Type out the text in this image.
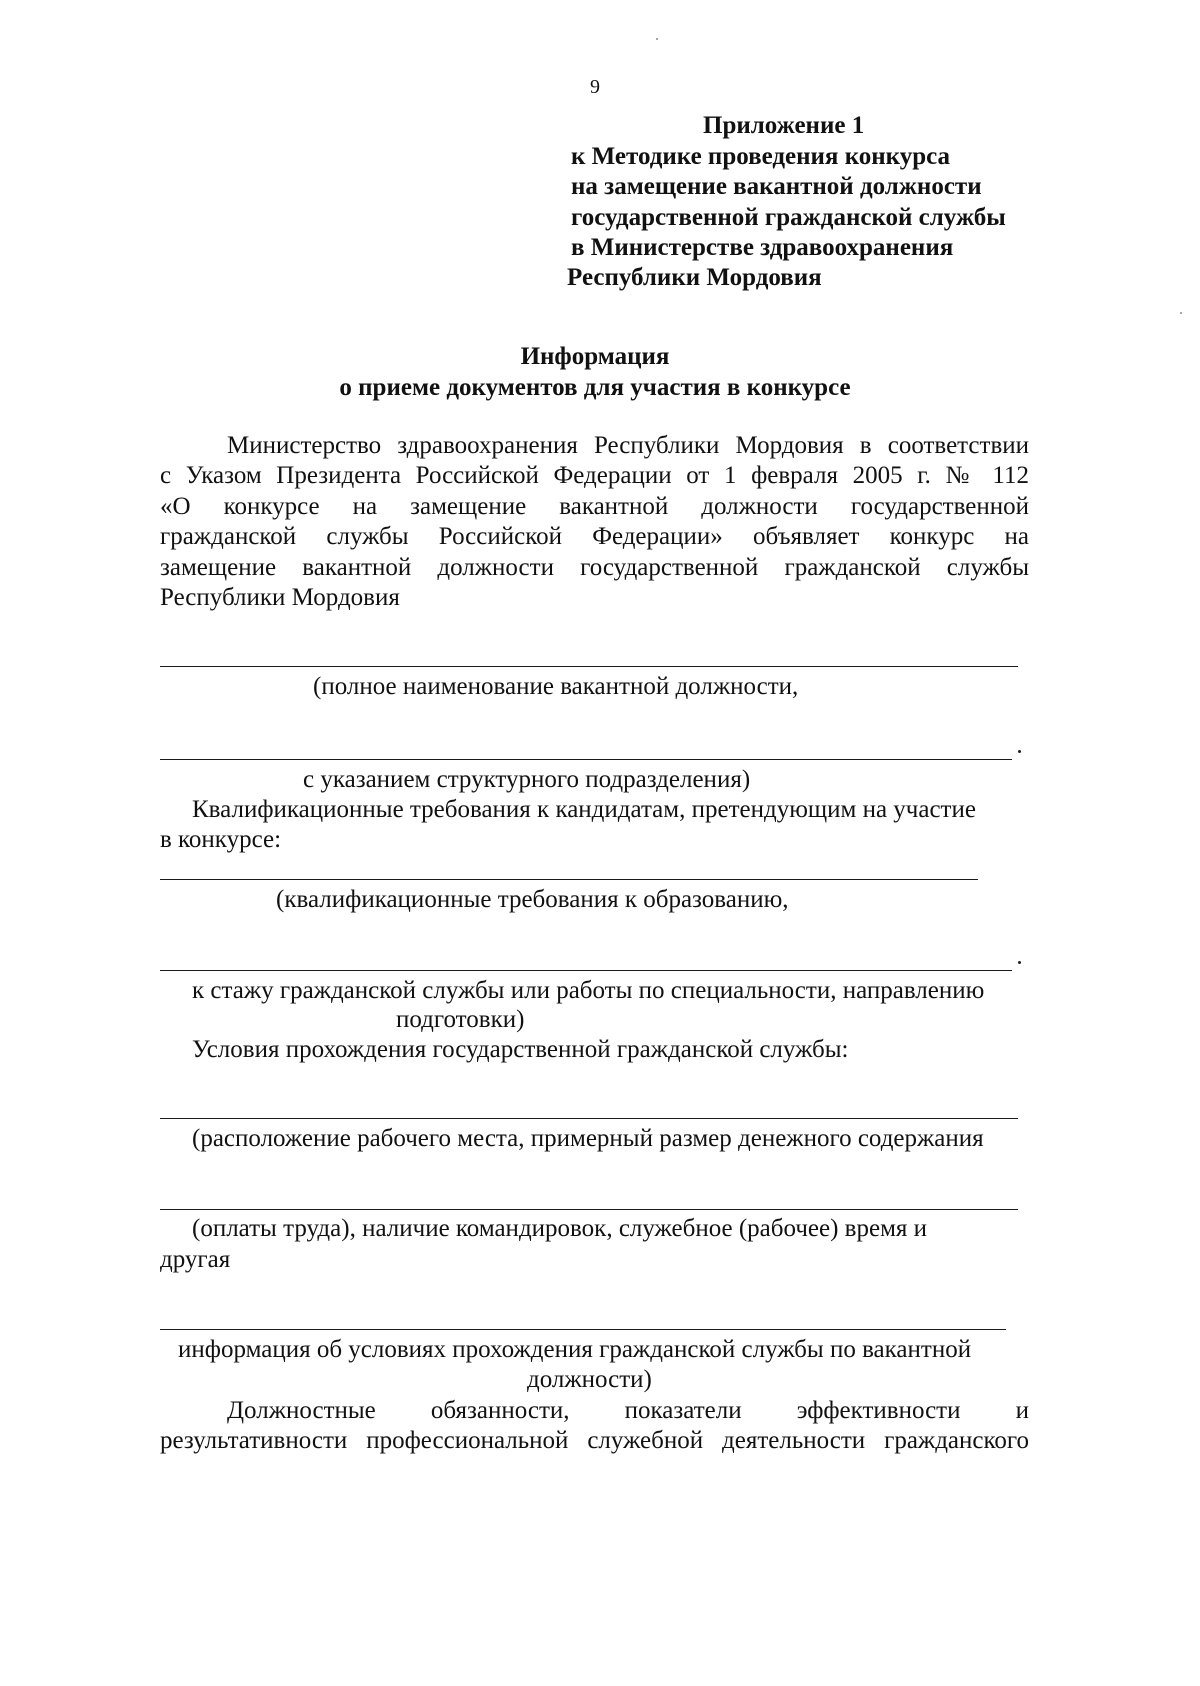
9

Приложение 1

к Методике проведения конкурса

на замещение вакантной должности

государственной гражданской службы

в Министерстве здравоохранения

Республики Мордовия

Информация

о приеме документов для участия в конкурсе

Министерство здравоохранения Республики Мордовия в соответствии

с Указом Президента Российской Федерации от 1 февраля 2005 г. № 112

«О конкурсе на замещение вакантной должности государственной

гражданской службы Российской Федерации» объявляет конкурс на

замещение вакантной должности государственной гражданской службы

Республики Мордовия

(полное наименование вакантной должности,

с указанием структурного подразделения)

Квалификационные требования к кандидатам, претендующим на участие

в конкурсе:

(квалификационные требования к образованию,

к стажу гражданской службы или работы по специальности, направлению

подготовки)

Условия прохождения государственной гражданской службы:

(расположение рабочего места, примерный размер денежного содержания

(оплаты труда), наличие командировок, служебное (рабочее) время и

другая

информация об условиях прохождения гражданской службы по вакантной

должности)

Должностные обязанности, показатели эффективности и

результативности профессиональной служебной деятельности гражданского
